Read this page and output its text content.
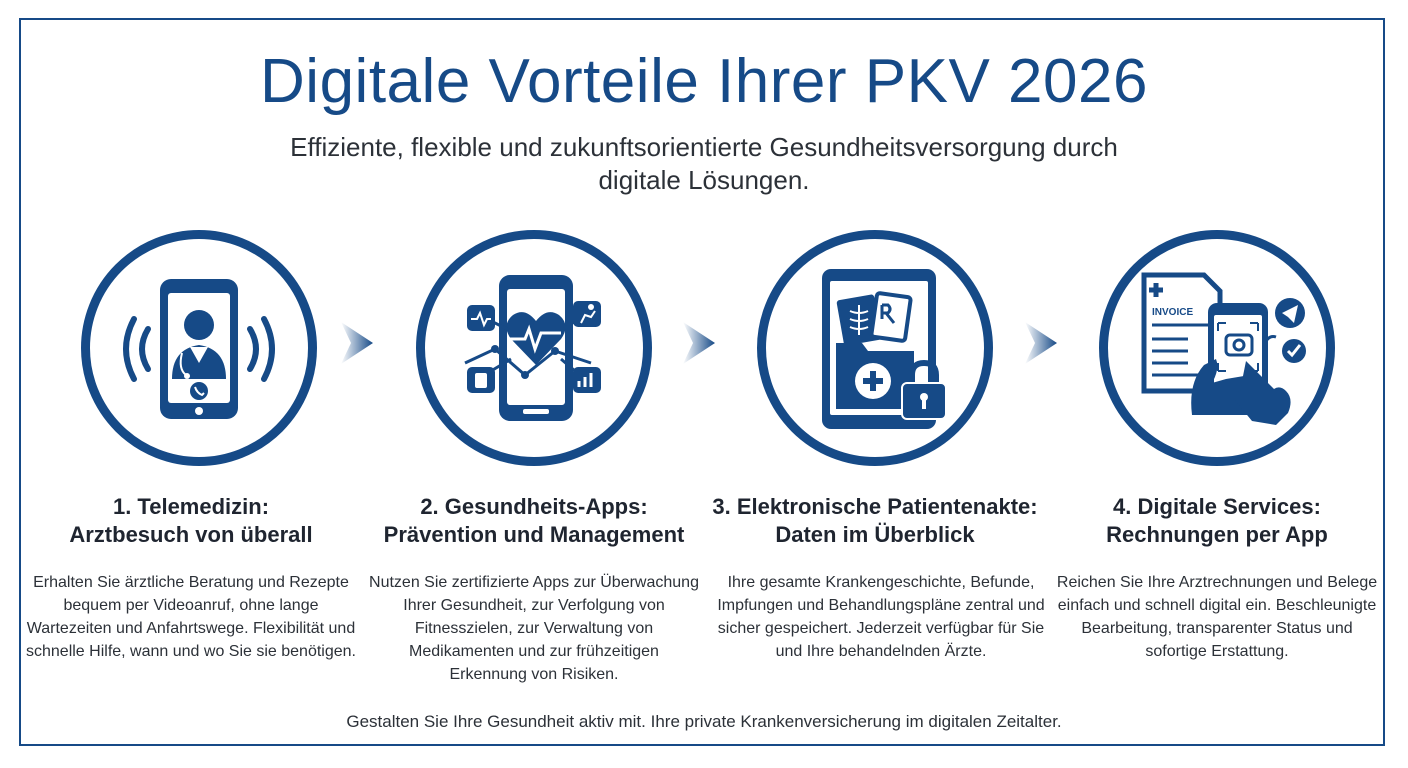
Digitale Vorteile Ihrer PKV 2026
Effiziente, flexible und zukunftsorientierte Gesundheitsversorgung durch digitale Lösungen.
INVOICE
1. Telemedizin:
Arztbesuch von überall
2. Gesundheits-Apps:
Prävention und Management
3. Elektronische Patientenakte:
Daten im Überblick
4. Digitale Services:
Rechnungen per App
Erhalten Sie ärztliche Beratung und Rezepte bequem per Videoanruf, ohne lange Wartezeiten und Anfahrtswege. Flexibilität und schnelle Hilfe, wann und wo Sie sie benötigen.
Nutzen Sie zertifizierte Apps zur Überwachung Ihrer Gesundheit, zur Verfolgung von Fitnesszielen, zur Verwaltung von Medikamenten und zur frühzeitigen Erkennung von Risiken.
Ihre gesamte Krankengeschichte, Befunde, Impfungen und Behandlungspläne zentral und sicher gespeichert. Jederzeit verfügbar für Sie und Ihre behandelnden Ärzte.
Reichen Sie Ihre Arztrechnungen und Belege einfach und schnell digital ein. Beschleunigte Bearbeitung, transparenter Status und sofortige Erstattung.
Gestalten Sie Ihre Gesundheit aktiv mit. Ihre private Krankenversicherung im digitalen Zeitalter.
